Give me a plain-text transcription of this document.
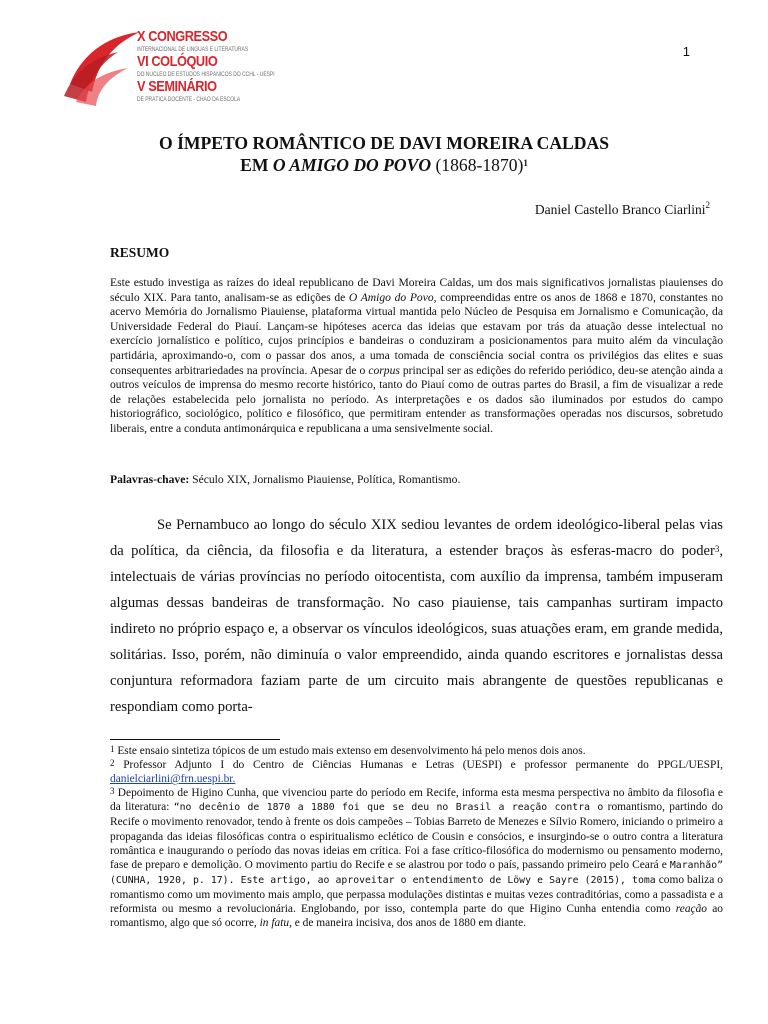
X CONGRESSO
INTERNACIONAL DE LÍNGUAS E LITERATURAS
VI COLÓQUIO
DO NÚCLEO DE ESTUDOS HISPÂNICOS DO CCHL - UESPI
V SEMINÁRIO
DE PRÁTICA DOCENTE - CHÃO DA ESCOLA
1
O ÍMPETO ROMÂNTICO DE DAVI MOREIRA CALDAS
EM O AMIGO DO POVO (1868-1870)$^1$
Daniel Castello Branco Ciarlini$^2$
RESUMO
Este estudo investiga as raízes do ideal republicano de Davi Moreira Caldas, um dos mais significativos jornalistas piauienses do século XIX. Para tanto, analisam-se as edições de O Amigo do Povo, compreendidas entre os anos de 1868 e 1870, constantes no acervo Memória do Jornalismo Piauiense, plataforma virtual mantida pelo Núcleo de Pesquisa em Jornalismo e Comunicação, da Universidade Federal do Piauí. Lançam-se hipóteses acerca das ideias que estavam por trás da atuação desse intelectual no exercício jornalístico e político, cujos princípios e bandeiras o conduziram a posicionamentos para muito além da vinculação partidária, aproximando-o, com o passar dos anos, a uma tomada de consciência social contra os privilégios das elites e suas consequentes arbitrariedades na província. Apesar de o corpus principal ser as edições do referido periódico, deu-se atenção ainda a outros veículos de imprensa do mesmo recorte histórico, tanto do Piauí como de outras partes do Brasil, a fim de visualizar a rede de relações estabelecida pelo jornalista no período. As interpretações e os dados são iluminados por estudos do campo historiográfico, sociológico, político e filosófico, que permitiram entender as transformações operadas nos discursos, sobretudo liberais, entre a conduta antimonárquica e republicana a uma sensivelmente social.
Palavras-chave: Século XIX, Jornalismo Piauiense, Política, Romantismo.

Se Pernambuco ao longo do século XIX sediou levantes de ordem ideológico-liberal pelas vias da política, da ciência, da filosofia e da literatura, a estender braços às esferas-macro do poder$^3$, intelectuais de várias províncias no período oitocentista, com auxílio da imprensa, também impuseram algumas dessas bandeiras de transformação. No caso piauiense, tais campanhas surtiram impacto indireto no próprio espaço e, a observar os vínculos ideológicos, suas atuações eram, em grande medida, solitárias. Isso, porém, não diminuía o valor empreendido, ainda quando escritores e jornalistas dessa conjuntura reformadora faziam parte de um circuito mais abrangente de questões republicanas e respondiam como porta-

$^1$ Este ensaio sintetiza tópicos de um estudo mais extenso em desenvolvimento há pelo menos dois anos.

$^2$ Professor Adjunto I do Centro de Ciências Humanas e Letras (UESPI) e professor permanente do PPGL/UESPI, danielciarlini@frn.uespi.br.

$^3$ Depoimento de Higino Cunha, que vivenciou parte do período em Recife, informa esta mesma perspectiva no âmbito da filosofia e da literatura: “no decênio de 1870 a 1880 foi que se deu no Brasil a reação contra o romantismo, partindo do Recife o movimento renovador, tendo à frente os dois campeões – Tobias Barreto de Menezes e Sílvio Romero, iniciando o primeiro a propaganda das ideias filosóficas contra o espiritualismo eclético de Cousin e consócios, e insurgindo-se o outro contra a literatura romântica e inaugurando o período das novas ideias em crítica. Foi a fase crítico-filosófica do modernismo ou pensamento moderno, fase de preparo e demolição. O movimento partiu do Recife e se alastrou por todo o país, passando primeiro pelo Ceará e Maranhão” (CUNHA, 1920, p. 17). Este artigo, ao aproveitar o entendimento de Löwy e Sayre (2015), toma como baliza o romantismo como um movimento mais amplo, que perpassa modulações distintas e muitas vezes contraditórias, como a passadista e a reformista ou mesmo a revolucionária. Englobando, por isso, contempla parte do que Higino Cunha entendia como reação ao romantismo, algo que só ocorre, in fatu, e de maneira incisiva, dos anos de 1880 em diante.
